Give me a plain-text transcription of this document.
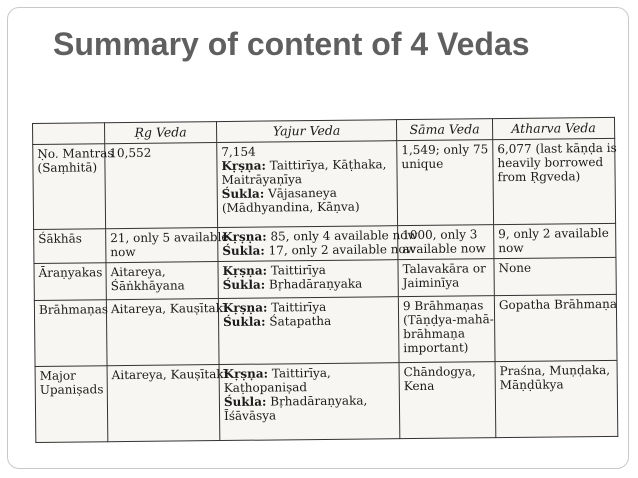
Summary of content of 4 Vedas
	Ṛg Veda	Yajur Veda	Sāma Veda	Atharva Veda

Ṇo. Mantras
(Saṃhitā)	10,552	7,154
Kṛṣṇa: Taittirīya, Kāṭhaka,
Maitrāyaṇīya
Śukla: Vājasaneya
(Mādhyandina, Kāṇva)	1,549; only 75
unique	6,077 (last kāṇḍa is
heavily borrowed
from Ṛgveda)

Śākhās	21, only 5 available
now	Kṛṣṇa: 85, only 4 available now
Śukla: 17, only 2 available now	1000, only 3
available now	9, only 2 available
now

Āraṇyakas	Aitareya,
Śāṅkhāyana	Kṛṣṇa: Taittirīya
Śukla: Bṛhadāraṇyaka	Talavakāra or
Jaiminīya	None

Brāhmaṇas	Aitareya, Kauṣītakī	Kṛṣṇa: Taittirīya
Śukla: Śatapatha	9 Brāhmaṇas
(Tāṇḍya-mahā-
brāhmaṇa
important)	Gopatha Brāhmaṇa

Major
Upaniṣads	Aitareya, Kauṣītakī	Kṛṣṇa: Taittirīya,
Kaṭhopaniṣad
Śukla: Bṛhadāraṇyaka,
Īśāvāsya	Chāndogya,
Kena	Praśna, Muṇḍaka,
Māṇḍūkya
